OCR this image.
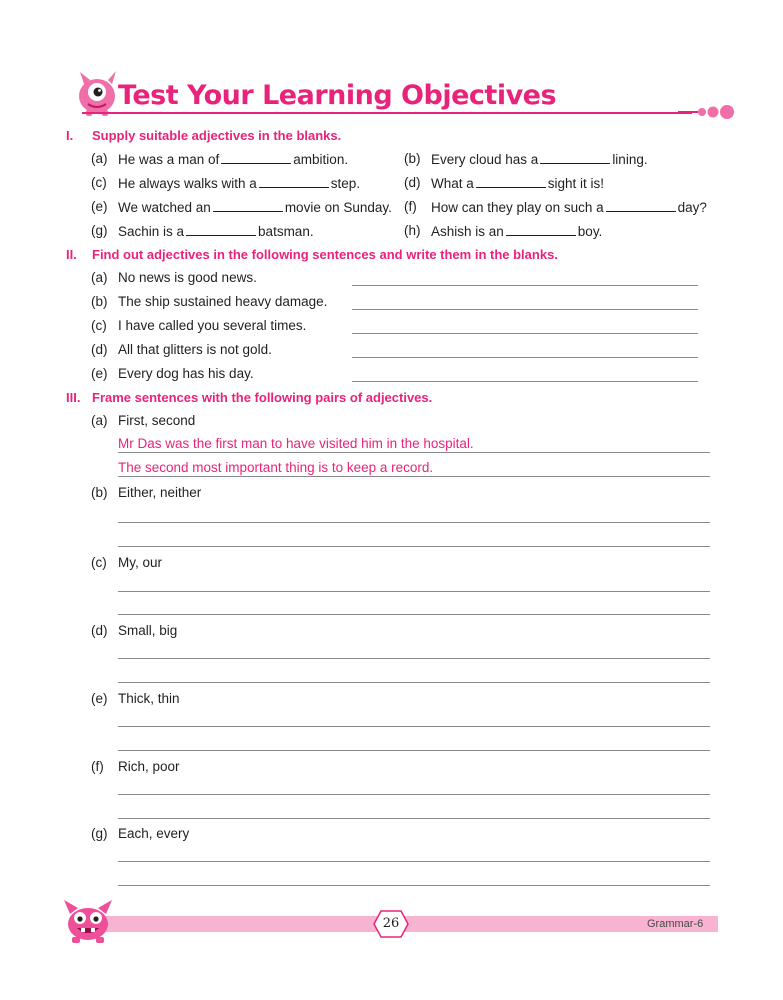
Test Your Learning Objectives
I. Supply suitable adjectives in the blanks.
(a) He was a man of	ambition.	(b) Every cloud has a	lining.
(c) He always walks with a	step.	(d) What a	sight it is!
(e) We watched an	movie on Sunday. (f)	How can they play on such a	day?
(g) Sachin is a	batsman.	(h) Ashish is an	boy.
II. Find out adjectives in the following sentences and write them in the blanks.
(a) No news is good news.
(b) The ship sustained heavy damage.
(c) I have called you several times.
(d) All that glitters is not gold.
(e) Every dog has his day.
III. Frame sentences with the following pairs of adjectives.
(a) First, second
Mr Das was the first man to have visited him in the hospital.
The second most important thing is to keep a record.
(b) Either, neither
(c) My, our
(d) Small, big
(e) Thick, thin
(f)	Rich, poor
(g) Each, every
26	Grammar-6
